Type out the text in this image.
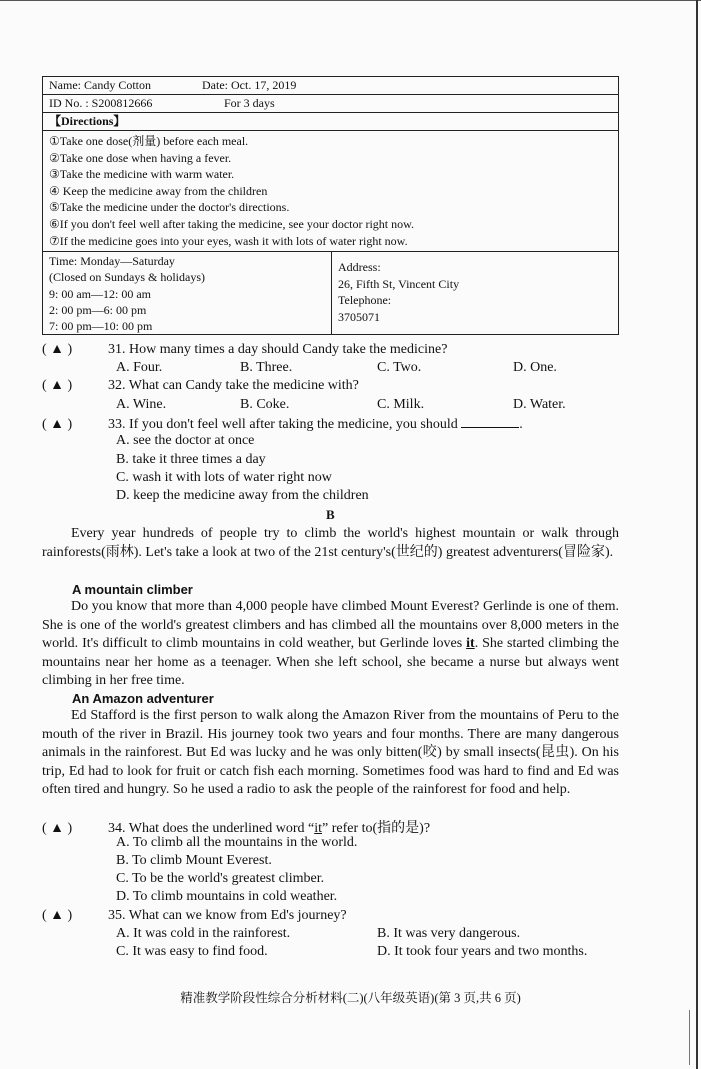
Name: Candy Cotton	Date: Oct. 17, 2019
ID No. : S200812666	For 3 days
【Directions】

①Take one dose(剂量) before each meal.
②Take one dose when having a fever.
③Take the medicine with warm water.
④ Keep the medicine away from the children
⑤Take the medicine under the doctor's directions.
⑥If you don't feel well after taking the medicine, see your doctor right now.
⑦If the medicine goes into your eyes, wash it with lots of water right now.

Time: Monday—Saturday
(Closed on Sundays & holidays)
9: 00 am—12: 00 am
2: 00 pm—6: 00 pm
7: 00 pm—10: 00 pm

Address:
26, Fifth St, Vincent City
Telephone:
3705071
( ▲ )	31. How many times a day should Candy take the medicine?
A. Four.	B. Three.	C. Two.	D. One.
( ▲ )	32. What can Candy take the medicine with?
A. Wine.	B. Coke.	C. Milk.	D. Water.
( ▲ )	33. If you don't feel well after taking the medicine, you should	.
A. see the doctor at once
B. take it three times a day
C. wash it with lots of water right now
D. keep the medicine away from the children
B
Every year hundreds of people try to climb the world's highest mountain or walk through rainforests(雨林). Let's take a look at two of the 21st century's(世纪的) greatest adventurers(冒险家).
A mountain climber
Do you know that more than 4,000 people have climbed Mount Everest? Gerlinde is one of them. She is one of the world's greatest climbers and has climbed all the mountains over 8,000 meters in the world. It's difficult to climb mountains in cold weather, but Gerlinde loves it. She started climbing the mountains near her home as a teenager. When she left school, she became a nurse but always went climbing in her free time.
An Amazon adventurer
Ed Stafford is the first person to walk along the Amazon River from the mountains of Peru to the mouth of the river in Brazil. His journey took two years and four months. There are many dangerous animals in the rainforest. But Ed was lucky and he was only bitten(咬) by small insects(昆虫). On his trip, Ed had to look for fruit or catch fish each morning. Sometimes food was hard to find and Ed was often tired and hungry. So he used a radio to ask the people of the rainforest for food and help.
( ▲ )	34. What does the underlined word “it” refer to(指的是)?
A. To climb all the mountains in the world.
B. To climb Mount Everest.
C. To be the world's greatest climber.
D. To climb mountains in cold weather.
( ▲ )	35. What can we know from Ed's journey?
A. It was cold in the rainforest.	B. It was very dangerous.
C. It was easy to find food.	D. It took four years and two months.
精准教学阶段性综合分析材料(二)(八年级英语)(第 3 页,共 6 页)
